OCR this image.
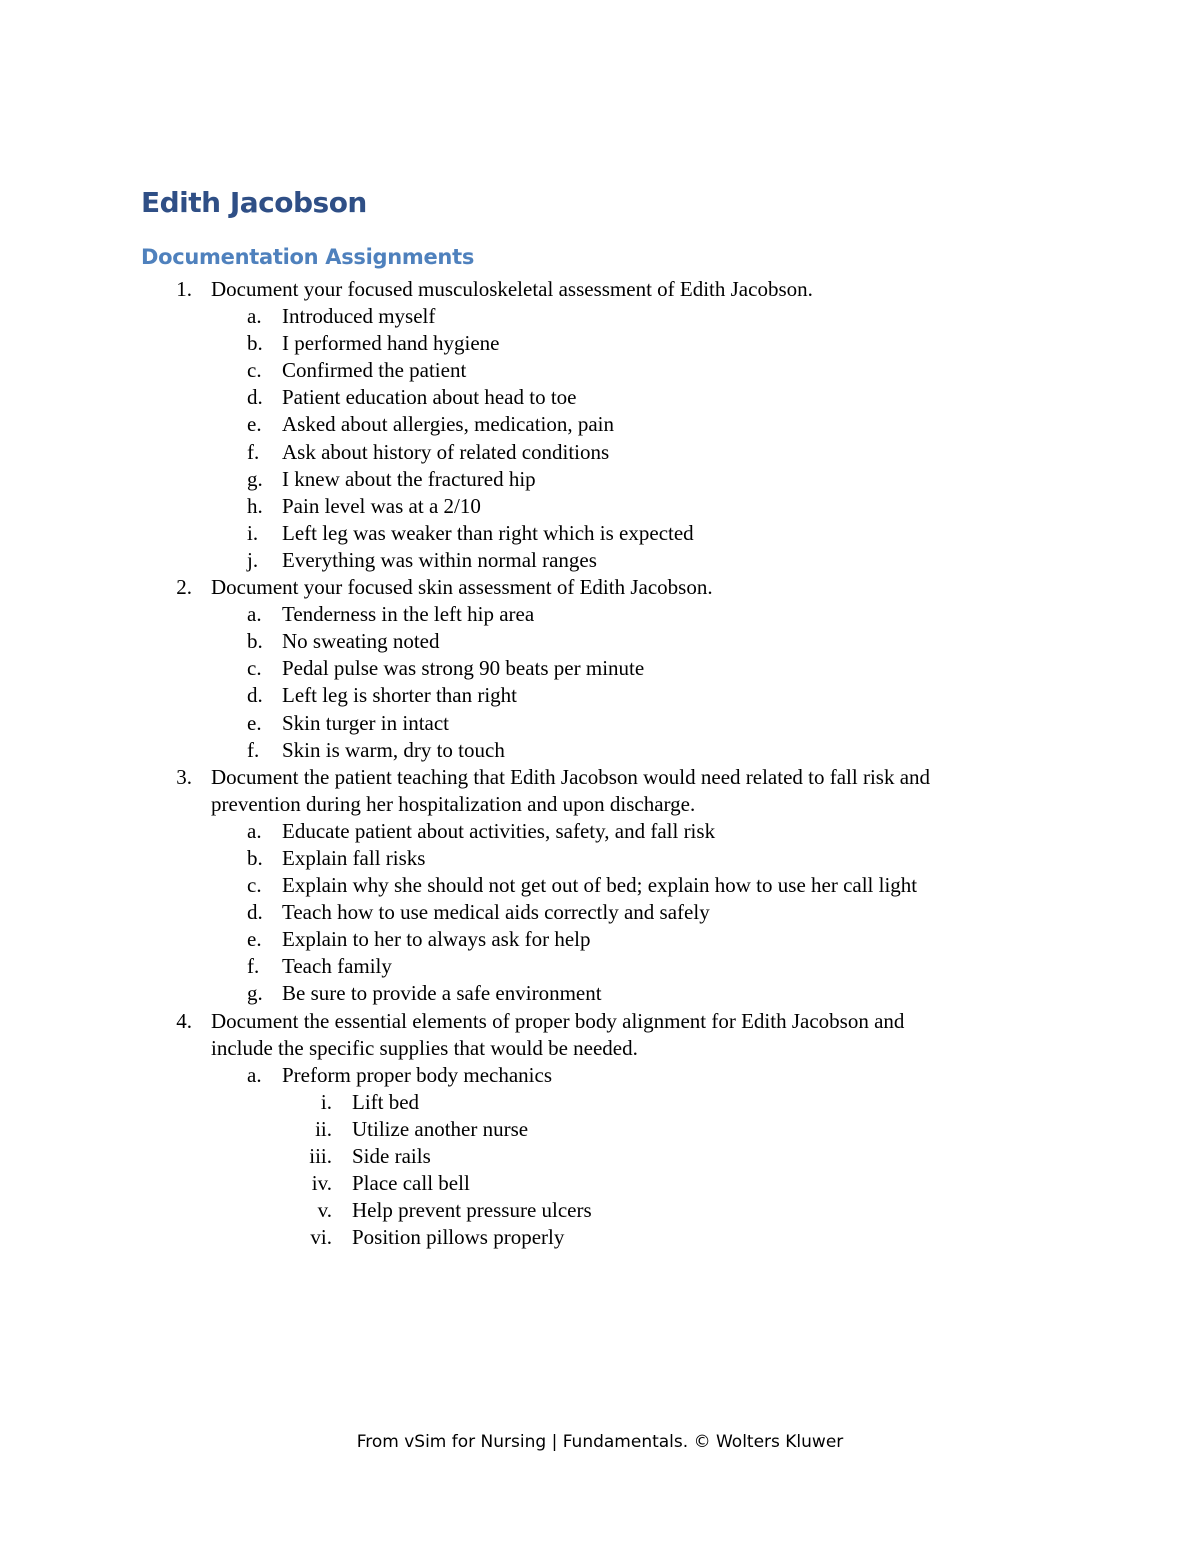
Edith Jacobson
Documentation Assignments
1. Document your focused musculoskeletal assessment of Edith Jacobson.
a. Introduced myself
b. I performed hand hygiene
c. Confirmed the patient
d. Patient education about head to toe
e. Asked about allergies, medication, pain
f. Ask about history of related conditions
g. I knew about the fractured hip
h. Pain level was at a 2/10
i. Left leg was weaker than right which is expected
j. Everything was within normal ranges
2. Document your focused skin assessment of Edith Jacobson.
a. Tenderness in the left hip area
b. No sweating noted
c. Pedal pulse was strong 90 beats per minute
d. Left leg is shorter than right
e. Skin turger in intact
f. Skin is warm, dry to touch
3. Document the patient teaching that Edith Jacobson would need related to fall risk and
prevention during her hospitalization and upon discharge.
a. Educate patient about activities, safety, and fall risk
b. Explain fall risks
c. Explain why she should not get out of bed; explain how to use her call light
d. Teach how to use medical aids correctly and safely
e. Explain to her to always ask for help
f. Teach family
g. Be sure to provide a safe environment
4. Document the essential elements of proper body alignment for Edith Jacobson and
include the specific supplies that would be needed.
a. Preform proper body mechanics
i. Lift bed
ii. Utilize another nurse
iii. Side rails
iv. Place call bell
v. Help prevent pressure ulcers
vi. Position pillows properly
From vSim for Nursing | Fundamentals. © Wolters Kluwer
